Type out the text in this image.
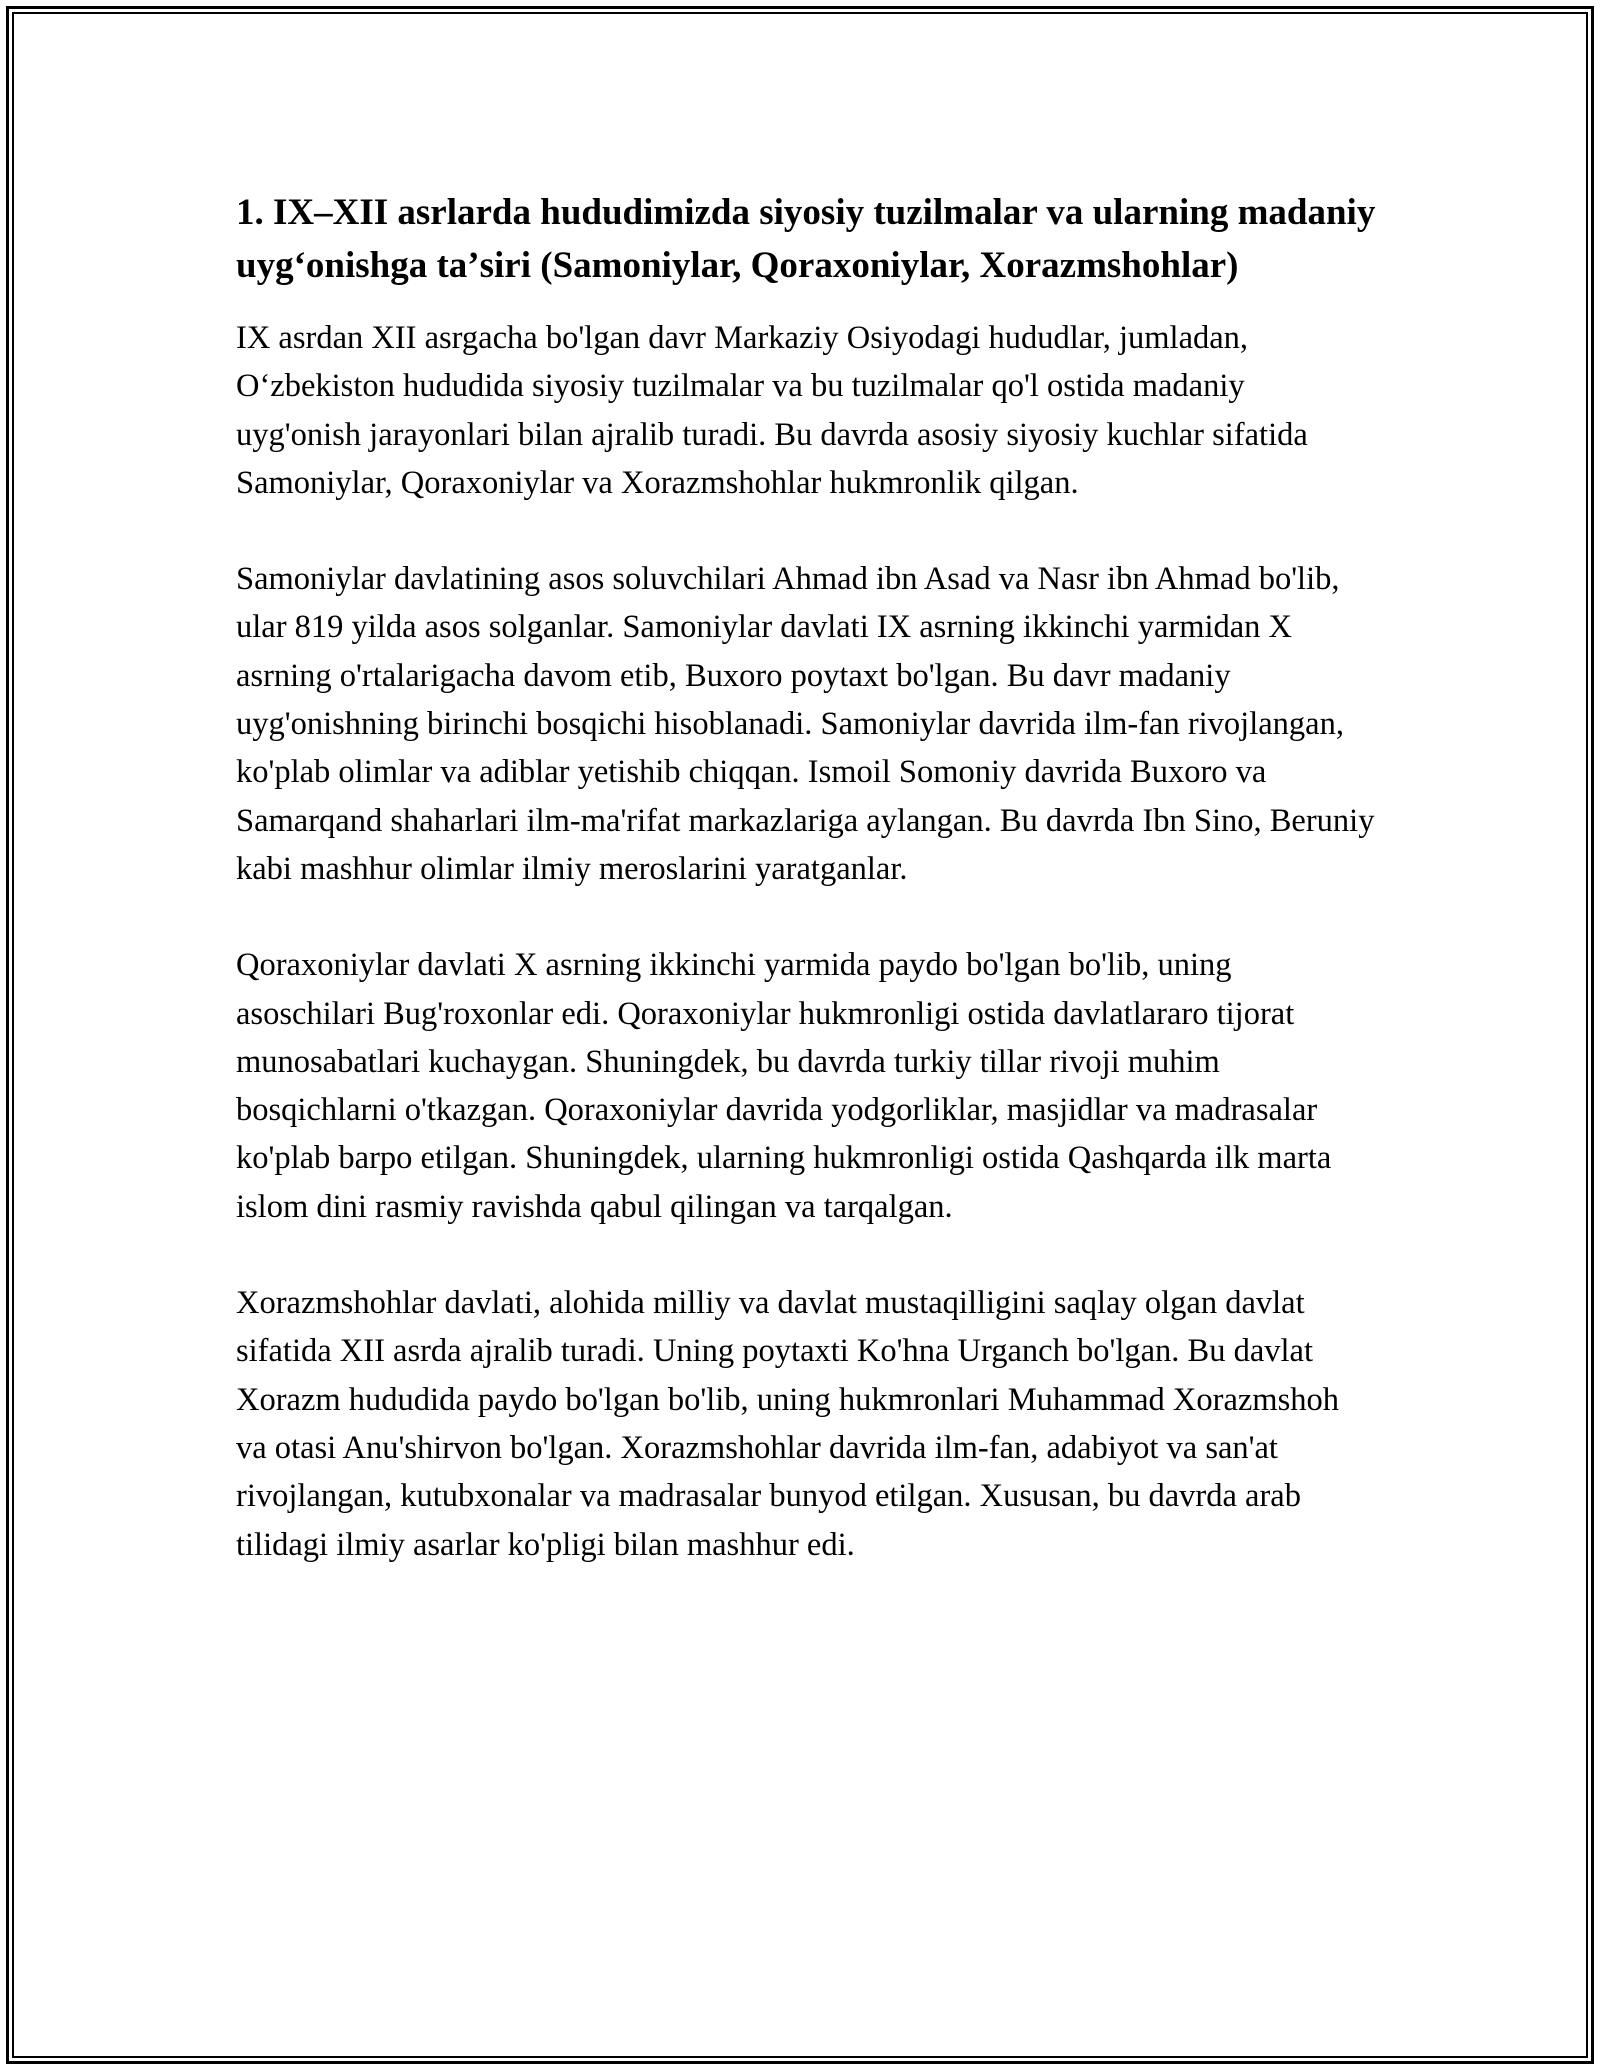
1. IX–XII asrlarda hududimizda siyosiy tuzilmalar va ularning madaniy uygʻonishga taʼsiri (Samoniylar, Qoraxoniylar, Xorazmshohlar)

IX asrdan XII asrgacha bo'lgan davr Markaziy Osiyodagi hududlar, jumladan, Oʻzbekiston hududida siyosiy tuzilmalar va bu tuzilmalar qo'l ostida madaniy uyg'onish jarayonlari bilan ajralib turadi. Bu davrda asosiy siyosiy kuchlar sifatida Samoniylar, Qoraxoniylar va Xorazmshohlar hukmronlik qilgan.

Samoniylar davlatining asos soluvchilari Ahmad ibn Asad va Nasr ibn Ahmad bo'lib, ular 819 yilda asos solganlar. Samoniylar davlati IX asrning ikkinchi yarmidan X asrning o'rtalarigacha davom etib, Buxoro poytaxt bo'lgan. Bu davr madaniy uyg'onishning birinchi bosqichi hisoblanadi. Samoniylar davrida ilm-fan rivojlangan, ko'plab olimlar va adiblar yetishib chiqqan. Ismoil Somoniy davrida Buxoro va Samarqand shaharlari ilm-ma'rifat markazlariga aylangan. Bu davrda Ibn Sino, Beruniy kabi mashhur olimlar ilmiy meroslarini yaratganlar.

Qoraxoniylar davlati X asrning ikkinchi yarmida paydo bo'lgan bo'lib, uning asoschilari Bug'roxonlar edi. Qoraxoniylar hukmronligi ostida davlatlararo tijorat munosabatlari kuchaygan. Shuningdek, bu davrda turkiy tillar rivoji muhim bosqichlarni o'tkazgan. Qoraxoniylar davrida yodgorliklar, masjidlar va madrasalar ko'plab barpo etilgan. Shuningdek, ularning hukmronligi ostida Qashqarda ilk marta islom dini rasmiy ravishda qabul qilingan va tarqalgan.

Xorazmshohlar davlati, alohida milliy va davlat mustaqilligini saqlay olgan davlat sifatida XII asrda ajralib turadi. Uning poytaxti Ko'hna Urganch bo'lgan. Bu davlat Xorazm hududida paydo bo'lgan bo'lib, uning hukmronlari Muhammad Xorazmshoh va otasi Anu'shirvon bo'lgan. Xorazmshohlar davrida ilm-fan, adabiyot va san'at rivojlangan, kutubxonalar va madrasalar bunyod etilgan. Xususan, bu davrda arab tilidagi ilmiy asarlar ko'pligi bilan mashhur edi.
